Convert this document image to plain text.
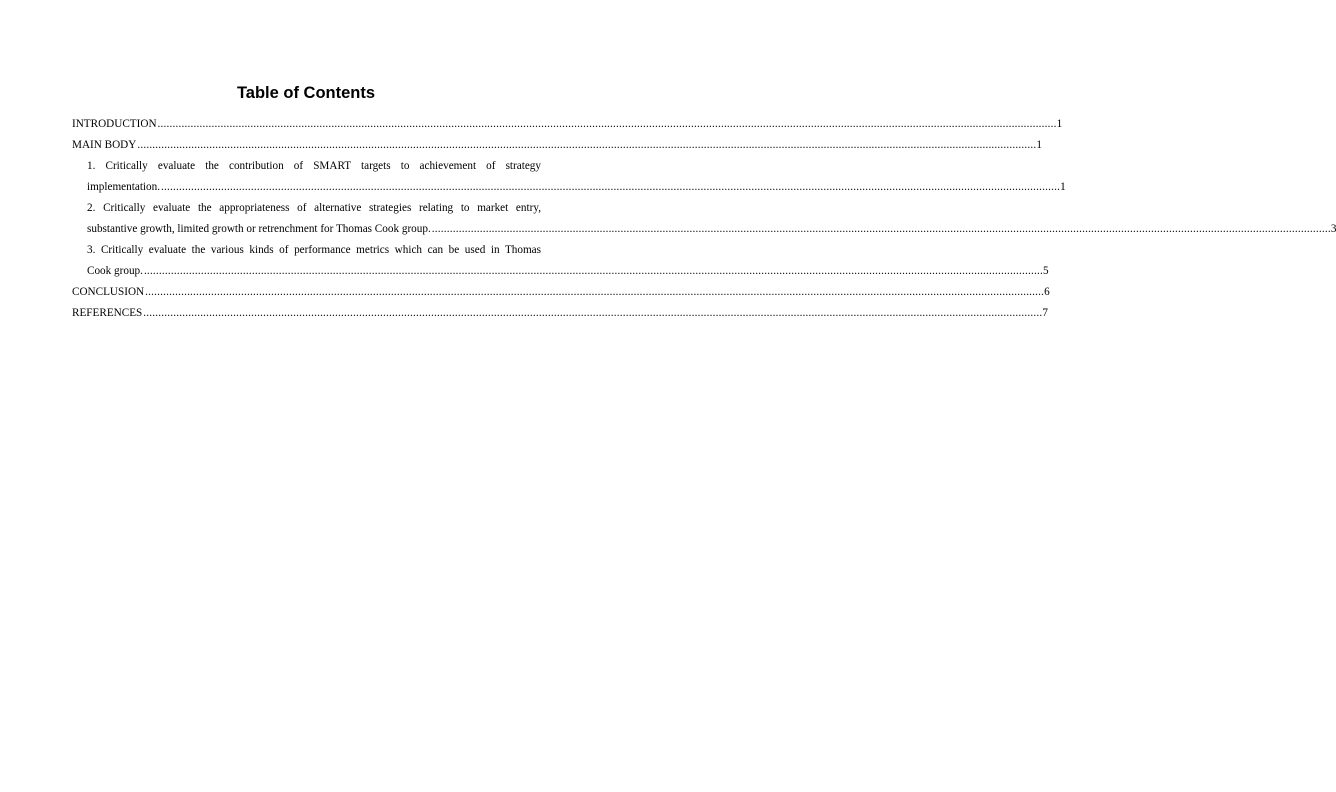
Table of Contents
INTRODUCTION ............................................................................................................................................................................................................................................................................................................ 1
MAIN BODY ............................................................................................................................................................................................................................................................................................................ 1
1. Critically evaluate the contribution of SMART targets to achievement of strategy
implementation. ............................................................................................................................................................................................................................................................................................................ 1
2. Critically evaluate the appropriateness of alternative strategies relating to market entry,
substantive growth, limited growth or retrenchment for Thomas Cook group. ............................................................................................................................................................................................................................................................................................................ 3
3. Critically evaluate the various kinds of performance metrics which can be used in Thomas
Cook group. ............................................................................................................................................................................................................................................................................................................ 5
CONCLUSION ............................................................................................................................................................................................................................................................................................................ 6
REFERENCES ............................................................................................................................................................................................................................................................................................................ 7
